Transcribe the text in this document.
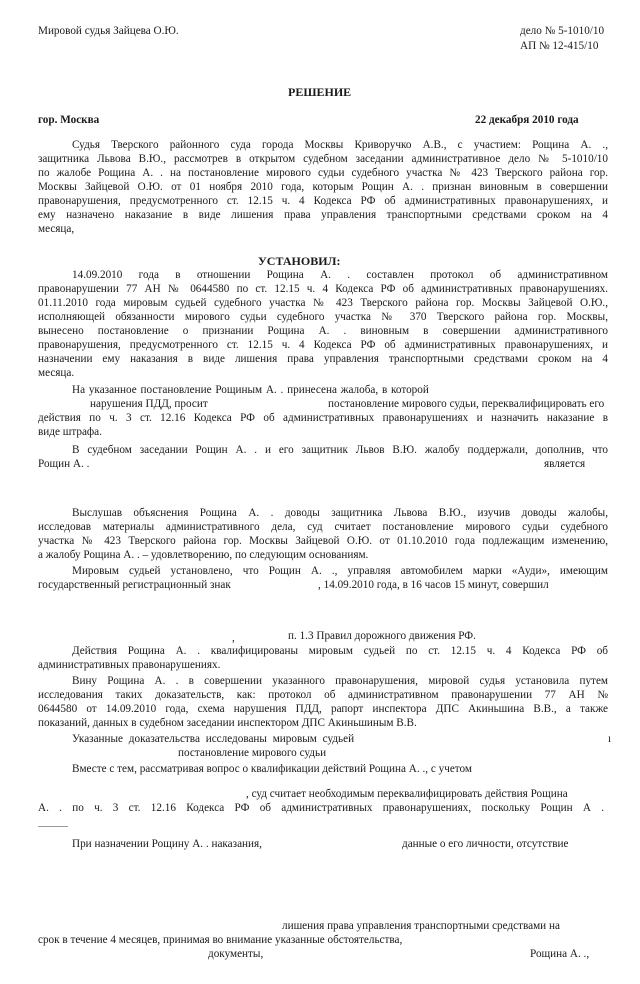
Мировой судья Зайцева О.Ю.	дело № 5-1010/10
АП № 12-415/10
РЕШЕНИЕ
гор. Москва	22 декабря 2010 года
Судья Тверского районного суда города Москвы Криворучко А.В., с участием: Рощина А. .,
защитника Львова В.Ю., рассмотрев в открытом судебном заседании административное дело № 5-1010/10
по жалобе Рощина А. . на постановление мирового судьи судебного участка № 423 Тверского района гор.
Москвы Зайцевой О.Ю. от 01 ноября 2010 года, которым Рощин А. . признан виновным в совершении
правонарушения, предусмотренного ст. 12.15 ч. 4 Кодекса РФ об административных правонарушениях, и
ему назначено наказание в виде лишения права управления транспортными средствами сроком на 4
месяца,
УСТАНОВИЛ:
14.09.2010 года в отношении Рощина А. . составлен протокол об административном
правонарушении 77 АН № 0644580 по ст. 12.15 ч. 4 Кодекса РФ об административных правонарушениях.
01.11.2010 года мировым судьей судебного участка № 423 Тверского района гор. Москвы Зайцевой О.Ю.,
исполняющей обязанности мирового судьи судебного участка № 370 Тверского района гор. Москвы,
вынесено постановление о признании Рощина А. . виновным в совершении административного
правонарушения, предусмотренного ст. 12.15 ч. 4 Кодекса РФ об административных правонарушениях, и
назначении ему наказания в виде лишения права управления транспортными средствами сроком на 4
месяца.
На указанное постановление Рощиным А. . принесена жалоба, в которой
нарушения ПДД, просит	постановление мирового судьи, переквалифицировать его
действия по ч. 3 ст. 12.16 Кодекса РФ об административных правонарушениях и назначить наказание в
виде штрафа.
В судебном заседании Рощин А. . и его защитник Львов В.Ю. жалобу поддержали, дополнив, что
Рощин А. .	является
Выслушав объяснения Рощина А. . доводы защитника Львова В.Ю., изучив доводы жалобы,
исследовав материалы административного дела, суд считает постановление мирового судьи судебного
участка № 423 Тверского района гор. Москвы Зайцевой О.Ю. от 01.10.2010 года подлежащим изменению,
а жалобу Рощина А. . – удовлетворению, по следующим основаниям.
Мировым судьей установлено, что Рощин А. ., управляя автомобилем марки «Ауди», имеющим
государственный регистрационный знак	, 14.09.2010 года, в 16 часов 15 минут, совершил
,	п. 1.3 Правил дорожного движения РФ.
Действия Рощина А. . квалифицированы мировым судьей по ст. 12.15 ч. 4 Кодекса РФ об
административных правонарушениях.
Вину Рощина А. . в совершении указанного правонарушения, мировой судья установила путем
исследования таких доказательств, как: протокол об административном правонарушении 77 АН №
0644580 от 14.09.2010 года, схема нарушения ПДД, рапорт инспектора ДПС Акиньшина В.В., а также
показаний, данных в судебном заседании инспектором ДПС Акиньшиным В.В.
Указанные доказательства исследованы мировым судьей	ı
постановление мирового судьи
Вместе с тем, рассматривая вопрос о квалификации действий Рощина А. ., с учетом
, суд считает необходимым переквалифицировать действия Рощина
А. . по ч. 3 ст. 12.16 Кодекса РФ об административных правонарушениях, поскольку Рощин А .
При назначении Рощину А. . наказания,	данные о его личности, отсутствие
лишения права управления транспортными средствами на
срок в течение 4 месяцев, принимая во внимание указанные обстоятельства,
документы,	Рощина А. .,
